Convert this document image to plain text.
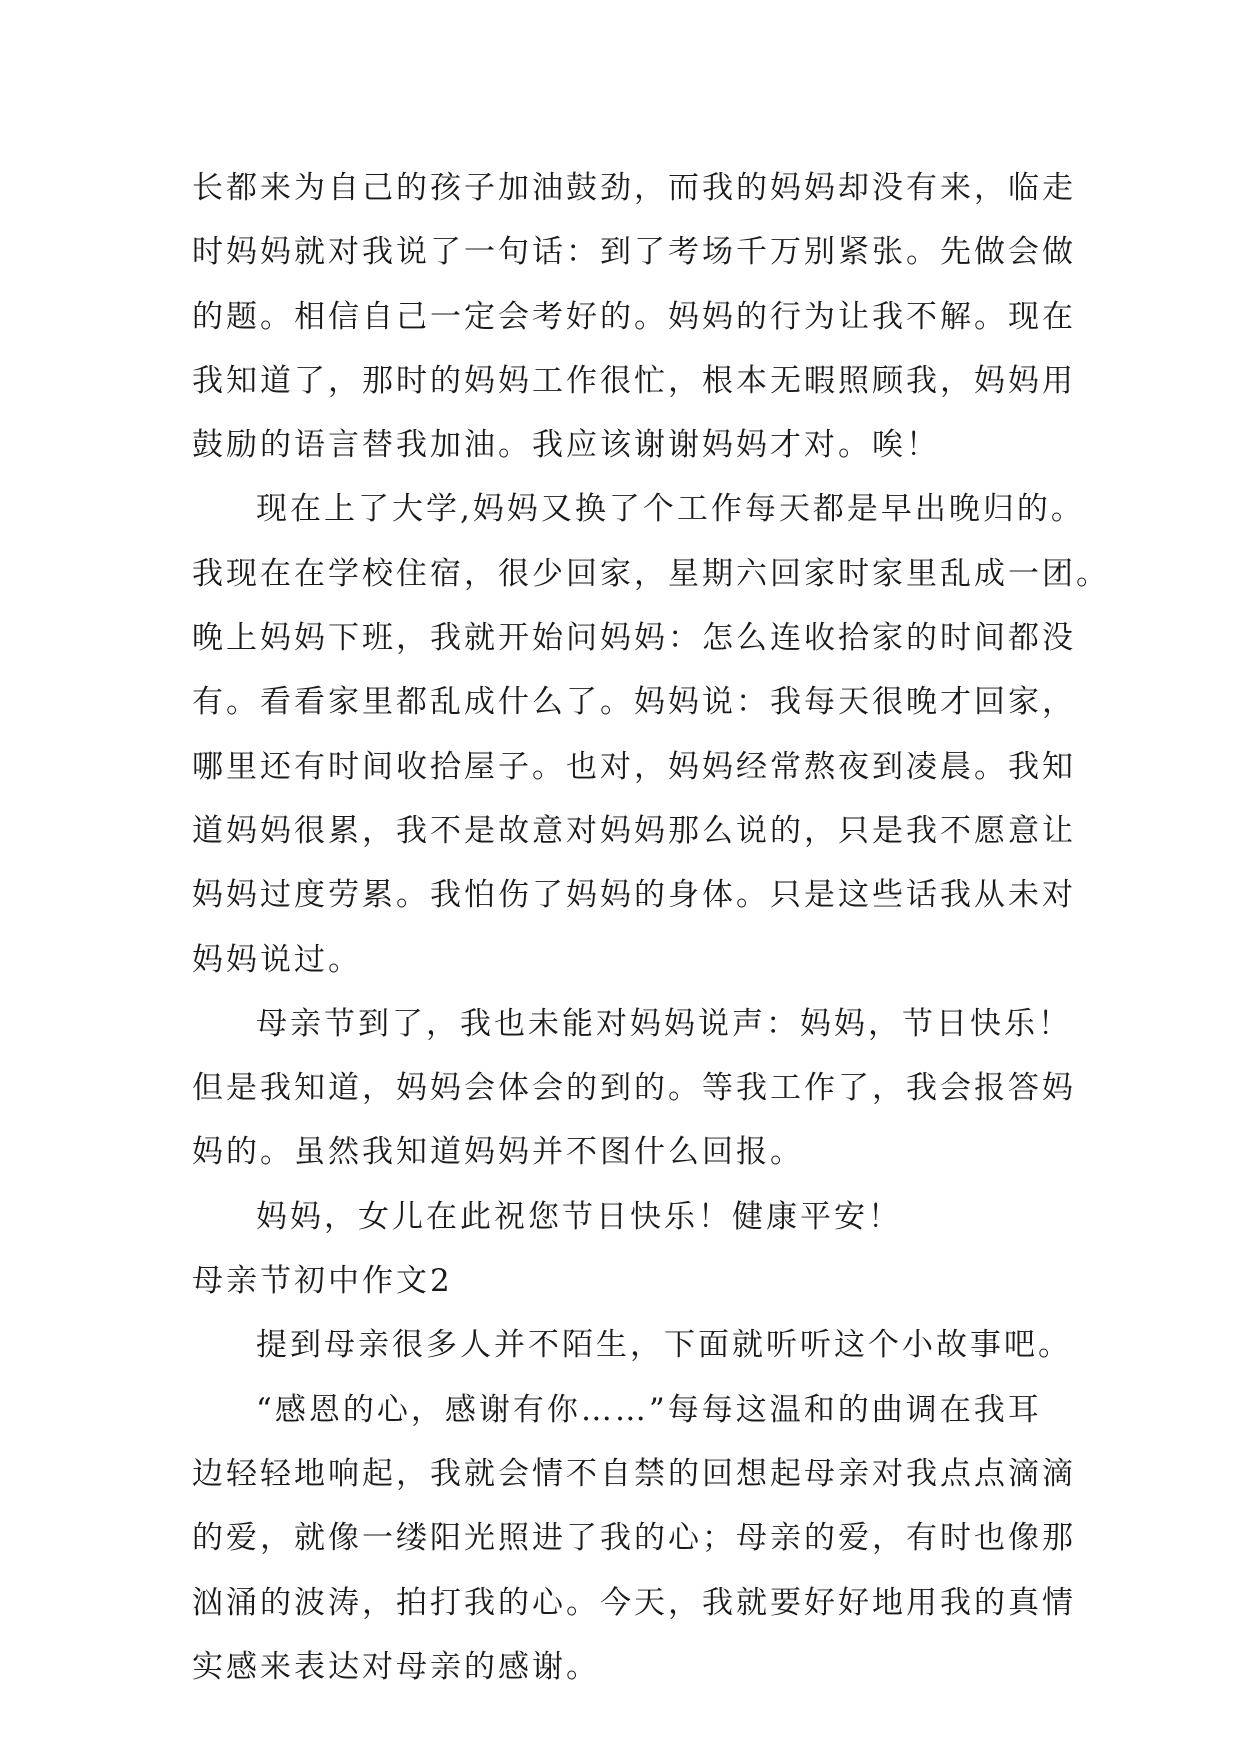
长都来为自己的孩子加油鼓劲，而我的妈妈却没有来，临走
时妈妈就对我说了一句话：到了考场千万别紧张。先做会做
的题。相信自己一定会考好的。妈妈的行为让我不解。现在
我知道了，那时的妈妈工作很忙，根本无暇照顾我，妈妈用
鼓励的语言替我加油。我应该谢谢妈妈才对。唉！
现在上了大学,妈妈又换了个工作每天都是早出晚归的。
我现在在学校住宿，很少回家，星期六回家时家里乱成一团。
晚上妈妈下班，我就开始问妈妈：怎么连收拾家的时间都没
有。看看家里都乱成什么了。妈妈说：我每天很晚才回家，
哪里还有时间收拾屋子。也对，妈妈经常熬夜到凌晨。我知
道妈妈很累，我不是故意对妈妈那么说的，只是我不愿意让
妈妈过度劳累。我怕伤了妈妈的身体。只是这些话我从未对
妈妈说过。
母亲节到了，我也未能对妈妈说声：妈妈，节日快乐！
但是我知道，妈妈会体会的到的。等我工作了，我会报答妈
妈的。虽然我知道妈妈并不图什么回报。
妈妈，女儿在此祝您节日快乐！健康平安！
母亲节初中作文2
提到母亲很多人并不陌生，下面就听听这个小故事吧。
“感恩的心，感谢有你……”每每这温和的曲调在我耳
边轻轻地响起，我就会情不自禁的回想起母亲对我点点滴滴
的爱，就像一缕阳光照进了我的心；母亲的爱，有时也像那
汹涌的波涛，拍打我的心。今天，我就要好好地用我的真情
实感来表达对母亲的感谢。
